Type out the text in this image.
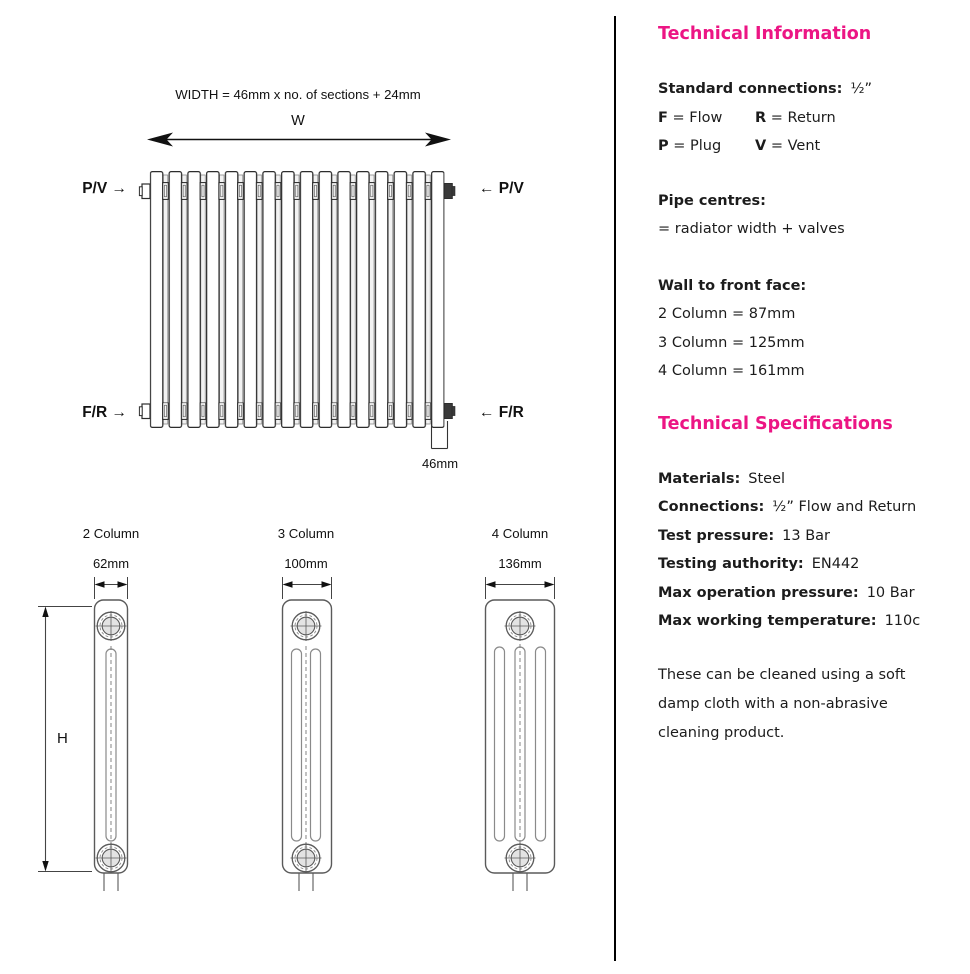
WIDTH = 46mm x no. of sections + 24mm
W
P/V →	← P/V
F/R →	← F/R
46mm
H
2 Column
62mm
3 Column
100mm
4 Column
136mm
Technical Information
Standard connections: ½”
F = Flow	R = Return
P = Plug	V = Vent
Pipe centres:
= radiator width + valves
Wall to front face:
2 Column = 87mm
3 Column = 125mm
4 Column = 161mm
Technical Specifications
Materials: Steel
Connections: ½” Flow and Return
Test pressure: 13 Bar
Testing authority: EN442
Max operation pressure: 10 Bar
Max working temperature: 110c

These can be cleaned using a soft damp cloth with a non-abrasive cleaning product.
